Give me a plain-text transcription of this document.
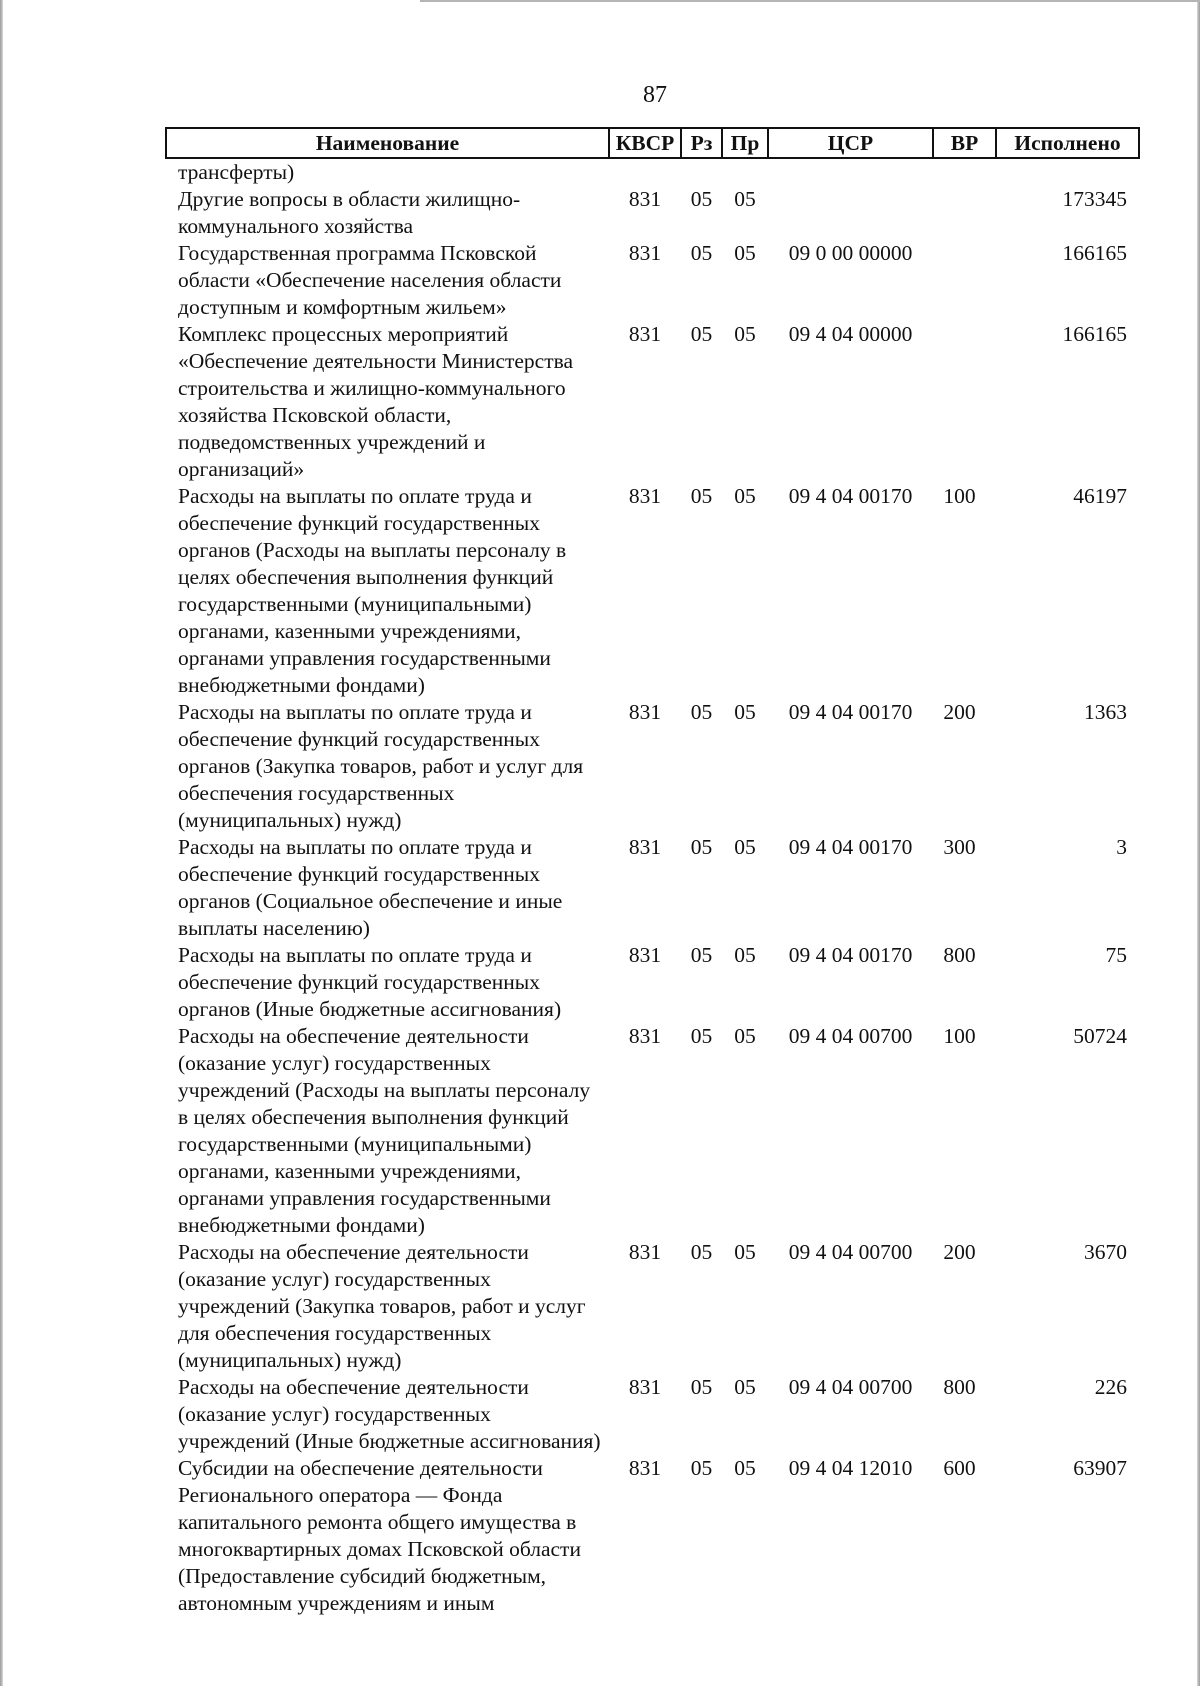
87
Наименование	КВСР	Рз	Пр	ЦСР	ВР	Исполнено
трансферты)						
Другие вопросы в области жилищно-коммунального хозяйства	831	05	05			173345
Государственная программа Псковской области «Обеспечение населения области доступным и комфортным жильем»	831	05	05	09 0 00 00000		166165
Комплекс процессных мероприятий «Обеспечение деятельности Министерства строительства и жилищно-коммунального хозяйства Псковской области, подведомственных учреждений и организаций»	831	05	05	09 4 04 00000		166165
Расходы на выплаты по оплате труда и обеспечение функций государственных органов (Расходы на выплаты персоналу в целях обеспечения выполнения функций государственными (муниципальными) органами, казенными учреждениями, органами управления государственными внебюджетными фондами)	831	05	05	09 4 04 00170	100	46197
Расходы на выплаты по оплате труда и обеспечение функций государственных органов (Закупка товаров, работ и услуг для обеспечения государственных (муниципальных) нужд)	831	05	05	09 4 04 00170	200	1363
Расходы на выплаты по оплате труда и обеспечение функций государственных органов (Социальное обеспечение и иные выплаты населению)	831	05	05	09 4 04 00170	300	3
Расходы на выплаты по оплате труда и обеспечение функций государственных органов (Иные бюджетные ассигнования)	831	05	05	09 4 04 00170	800	75
Расходы на обеспечение деятельности (оказание услуг) государственных учреждений (Расходы на выплаты персоналу в целях обеспечения выполнения функций государственными (муниципальными) органами, казенными учреждениями, органами управления государственными внебюджетными фондами)	831	05	05	09 4 04 00700	100	50724
Расходы на обеспечение деятельности (оказание услуг) государственных учреждений (Закупка товаров, работ и услуг для обеспечения государственных (муниципальных) нужд)	831	05	05	09 4 04 00700	200	3670
Расходы на обеспечение деятельности (оказание услуг) государственных учреждений (Иные бюджетные ассигнования)	831	05	05	09 4 04 00700	800	226
Субсидии на обеспечение деятельности Регионального оператора — Фонда капитального ремонта общего имущества в многоквартирных домах Псковской области (Предоставление субсидий бюджетным, автономным учреждениям и иным	831	05	05	09 4 04 12010	600	63907
